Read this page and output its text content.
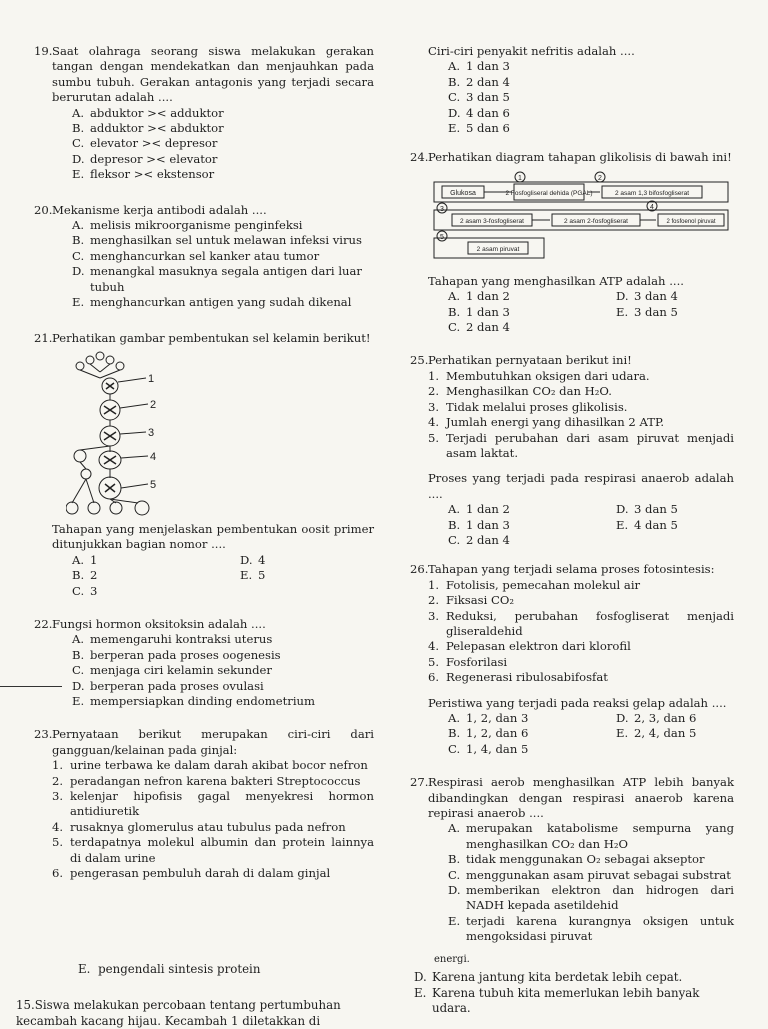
19. Saat olahraga seorang siswa melakukan gerakan tangan dengan mendekatkan dan menjauhkan pada sumbu tubuh. Gerakan antagonis yang terjadi secara berurutan adalah ....
A. abduktor >< adduktor
B. adduktor >< abduktor
C. elevator >< depresor
D. depresor >< elevator
E. fleksor >< ekstensor
20. Mekanisme kerja antibodi adalah ....
A. melisis mikroorganisme penginfeksi
B. menghasilkan sel untuk melawan infeksi virus
C. menghancurkan sel kanker atau tumor
D. menangkal masuknya segala antigen dari luar tubuh
E. menghancurkan antigen yang sudah dikenal
21. Perhatikan gambar pembentukan sel kelamin berikut!
1
2
3
4
5
Tahapan yang menjelaskan pembentukan oosit primer ditunjukkan bagian nomor ....
A. 1	D. 4
B. 2	E. 5
C. 3
22. Fungsi hormon oksitoksin adalah ....
A. memengaruhi kontraksi uterus
B. berperan pada proses oogenesis
C. menjaga ciri kelamin sekunder
D. berperan pada proses ovulasi
E. mempersiapkan dinding endometrium
23. Pernyataan berikut merupakan ciri-ciri dari gangguan/kelainan pada ginjal:
1. urine terbawa ke dalam darah akibat bocor nefron
2. peradangan nefron karena bakteri Streptococcus
3. kelenjar hipofisis gagal menyekresi hormon antidiuretik
4. rusaknya glomerulus atau tubulus pada nefron
5. terdapatnya molekul albumin dan protein lainnya di dalam urine
6. pengerasan pembuluh darah di dalam ginjal
Ciri-ciri penyakit nefritis adalah ....
A. 1 dan 3
B. 2 dan 4
C. 3 dan 5
D. 4 dan 6
E. 5 dan 6
24. Perhatikan diagram tahapan glikolisis di bawah ini!
1	2
3	4
5
Glukosa	2 Fosfogliseral dehida (PGAL)	2 asam 1,3 bifosfogliserat
2 asam 3-fosfogliserat	2 asam 2-fosfogliserat	2 fosfoenol piruvat
2 asam piruvat
Tahapan yang menghasilkan ATP adalah ....
A. 1 dan 2	D. 3 dan 4
B. 1 dan 3	E. 3 dan 5
C. 2 dan 4
25. Perhatikan pernyataan berikut ini!
1. Membutuhkan oksigen dari udara.
2. Menghasilkan CO₂ dan H₂O.
3. Tidak melalui proses glikolisis.
4. Jumlah energi yang dihasilkan 2 ATP.
5. Terjadi perubahan dari asam piruvat menjadi asam laktat.
Proses yang terjadi pada respirasi anaerob adalah ....
A. 1 dan 2	D. 3 dan 5
B. 1 dan 3	E. 4 dan 5
C. 2 dan 4
26. Tahapan yang terjadi selama proses fotosintesis:
1. Fotolisis, pemecahan molekul air
2. Fiksasi CO₂
3. Reduksi, perubahan fosfogliserat menjadi gliseraldehid
4. Pelepasan elektron dari klorofil
5. Fosforilasi
6. Regenerasi ribulosabifosfat
Peristiwa yang terjadi pada reaksi gelap adalah ....
A. 1, 2, dan 3	D. 2, 3, dan 6
B. 1, 2, dan 6	E. 2, 4, dan 5
C. 1, 4, dan 5
27. Respirasi aerob menghasilkan ATP lebih banyak dibandingkan dengan respirasi anaerob karena repirasi anaerob ....
A. merupakan katabolisme sempurna yang menghasilkan CO₂ dan H₂O
B. tidak menggunakan O₂ sebagai akseptor
C. menggunakan asam piruvat sebagai substrat
D. memberikan elektron dan hidrogen dari NADH kepada asetildehid
E. terjadi karena kurangnya oksigen untuk mengoksidasi piruvat
E. pengendali sintesis protein
15.Siswa melakukan percobaan tentang pertumbuhan kecambah kacang hijau. Kecambah 1 diletakkan di
energi.
D. Karena jantung kita berdetak lebih cepat.
E. Karena tubuh kita memerlukan lebih banyak udara.
